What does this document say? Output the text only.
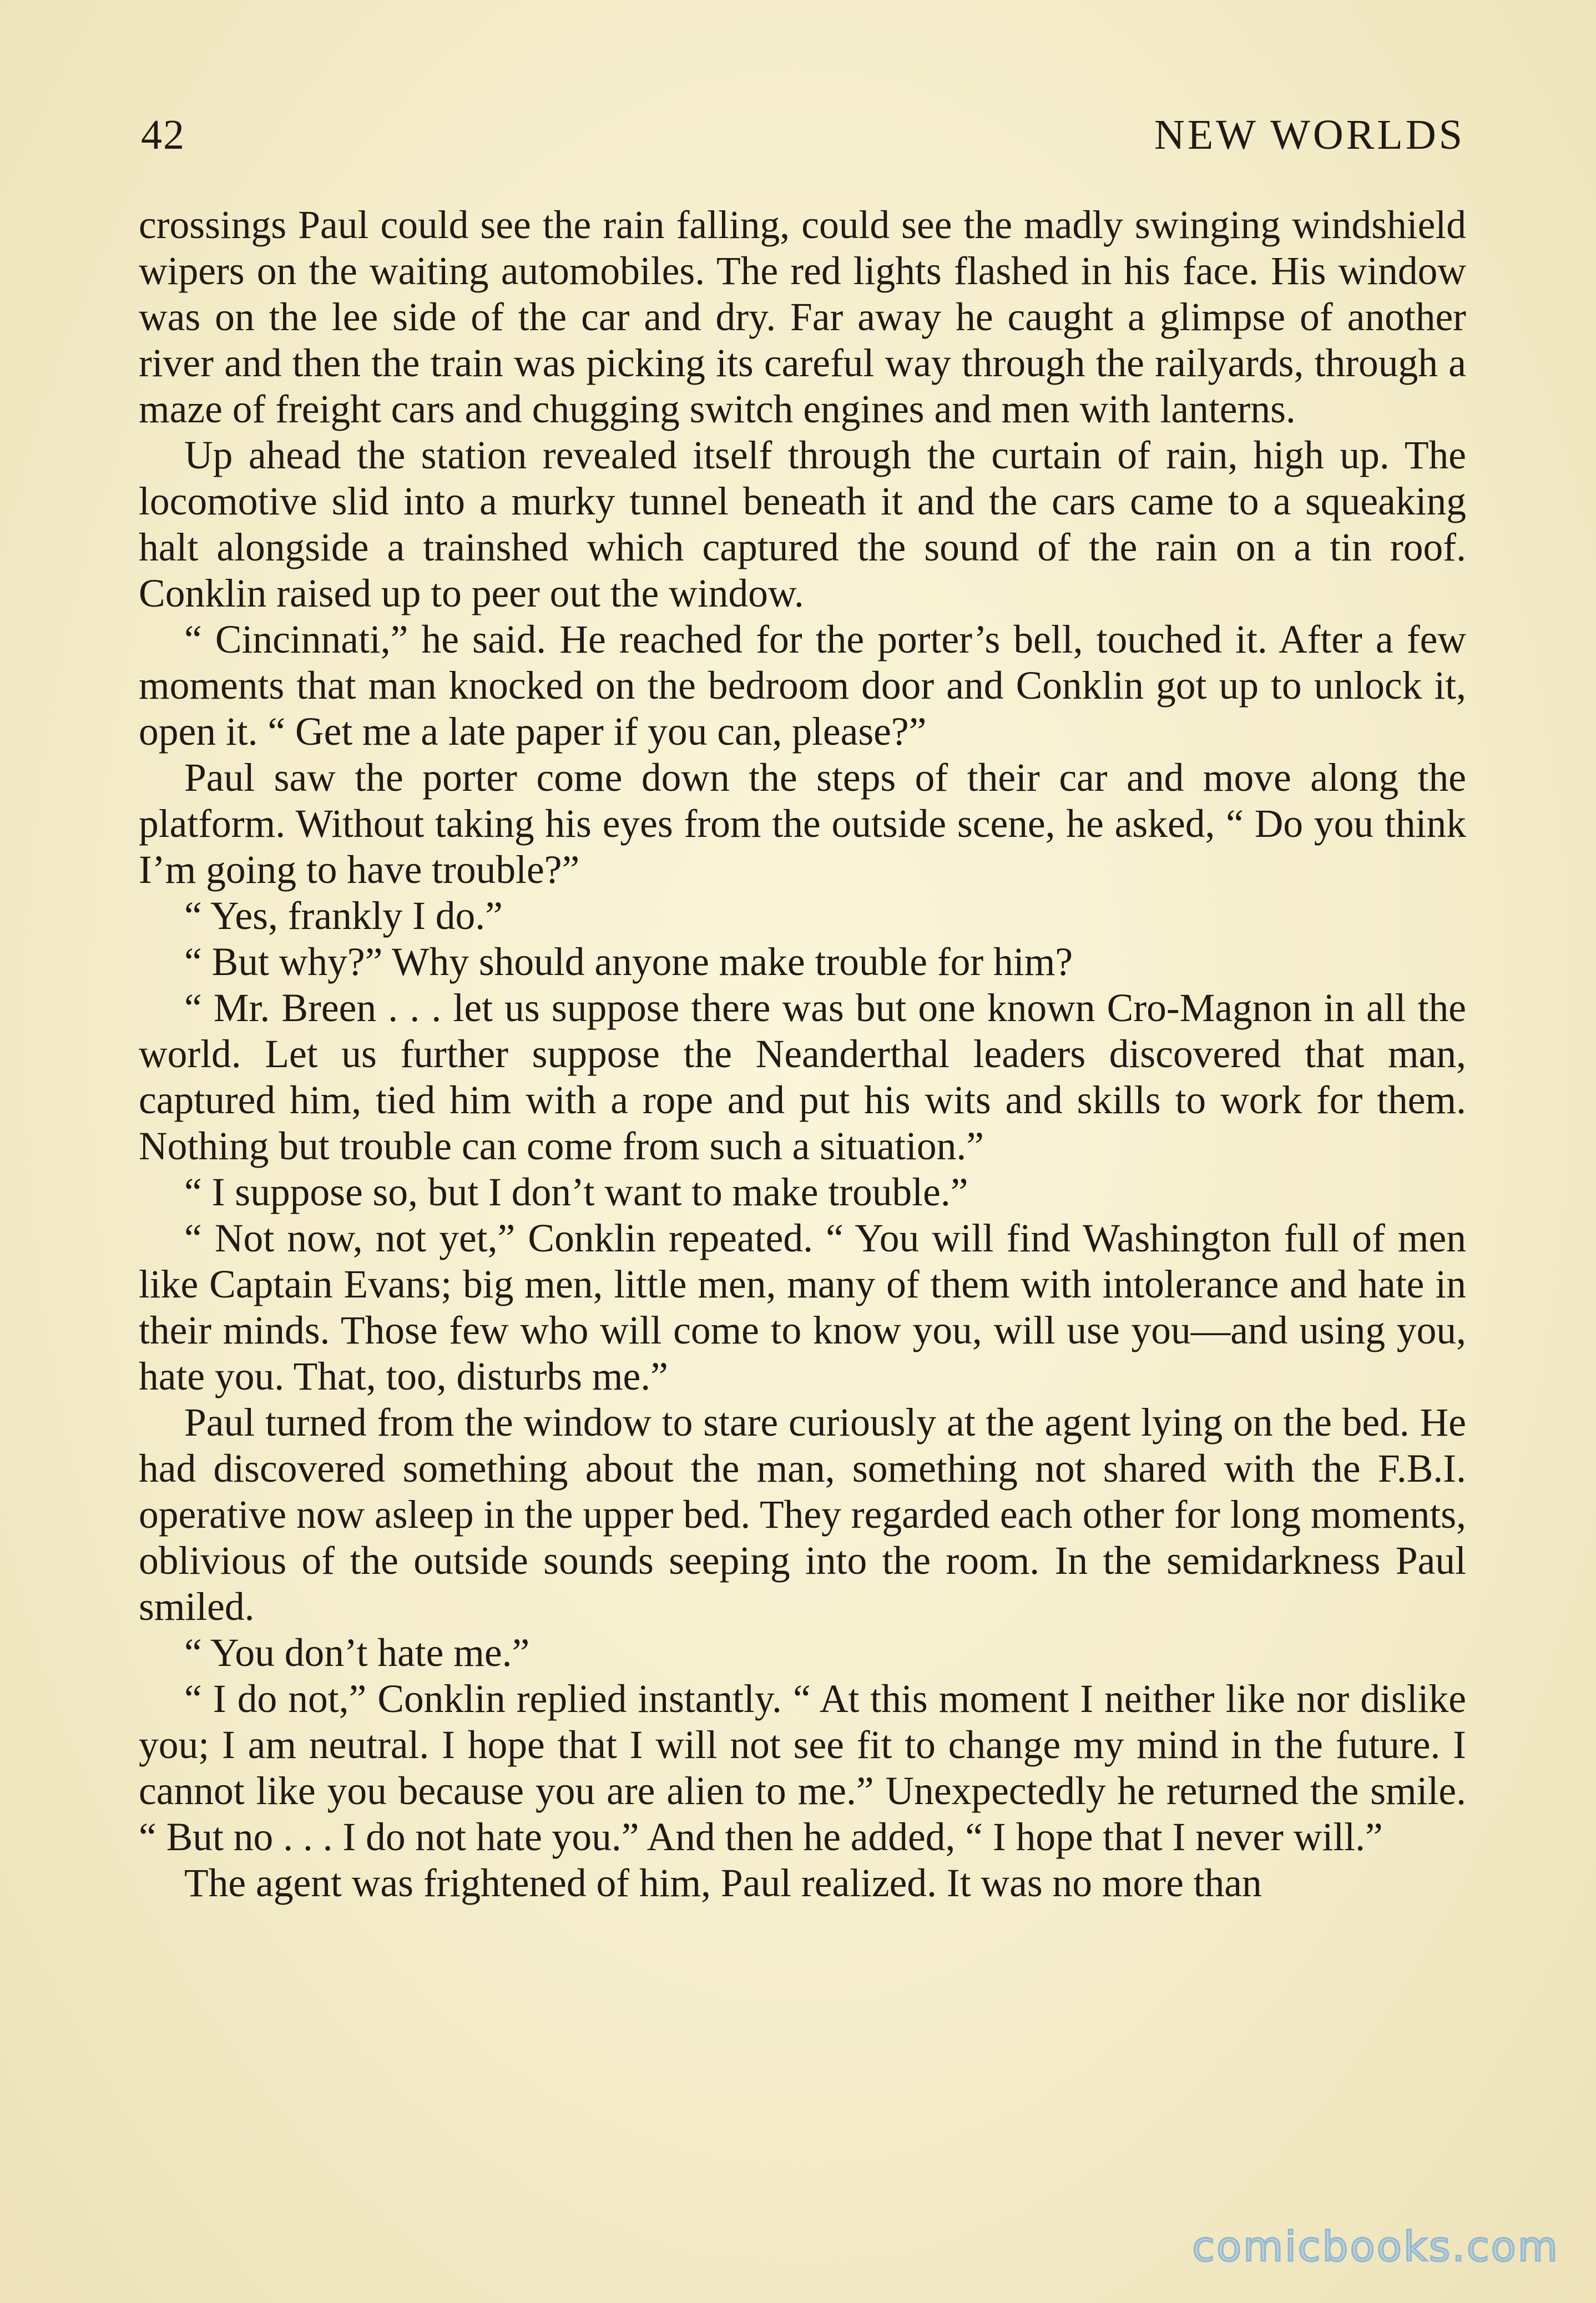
42	NEW WORLDS

crossings Paul could see the rain falling, could see the madly swinging windshield wipers on the waiting automobiles. The red lights flashed in his face. His window was on the lee side of the car and dry. Far away he caught a glimpse of another river and then the train was picking its careful way through the railyards, through a maze of freight cars and chugging switch engines and men with lanterns.

Up ahead the station revealed itself through the curtain of rain, high up. The locomotive slid into a murky tunnel beneath it and the cars came to a squeaking halt alongside a trainshed which captured the sound of the rain on a tin roof. Conklin raised up to peer out the window.

“ Cincinnati,” he said. He reached for the porter’s bell, touched it. After a few moments that man knocked on the bedroom door and Conklin got up to unlock it, open it. “ Get me a late paper if you can, please?”

Paul saw the porter come down the steps of their car and move along the platform. Without taking his eyes from the outside scene, he asked, “ Do you think I’m going to have trouble?”

“ Yes, frankly I do.”

“ But why?” Why should anyone make trouble for him?

“ Mr. Breen . . . let us suppose there was but one known Cro-Magnon in all the world. Let us further suppose the Neanderthal leaders discovered that man, captured him, tied him with a rope and put his wits and skills to work for them. Nothing but trouble can come from such a situation.”

“ I suppose so, but I don’t want to make trouble.”

“ Not now, not yet,” Conklin repeated. “ You will find Washington full of men like Captain Evans; big men, little men, many of them with intolerance and hate in their minds. Those few who will come to know you, will use you—and using you, hate you. That, too, disturbs me.”

Paul turned from the window to stare curiously at the agent lying on the bed. He had discovered something about the man, something not shared with the F.B.I. operative now asleep in the upper bed. They regarded each other for long moments, oblivious of the outside sounds seeping into the room. In the semidarkness Paul smiled.

“ You don’t hate me.”

“ I do not,” Conklin replied instantly. “ At this moment I neither like nor dislike you; I am neutral. I hope that I will not see fit to change my mind in the future. I cannot like you because you are alien to me.” Unexpectedly he returned the smile. “ But no . . . I do not hate you.” And then he added, “ I hope that I never will.”

The agent was frightened of him, Paul realized. It was no more than

comicbooks.com
